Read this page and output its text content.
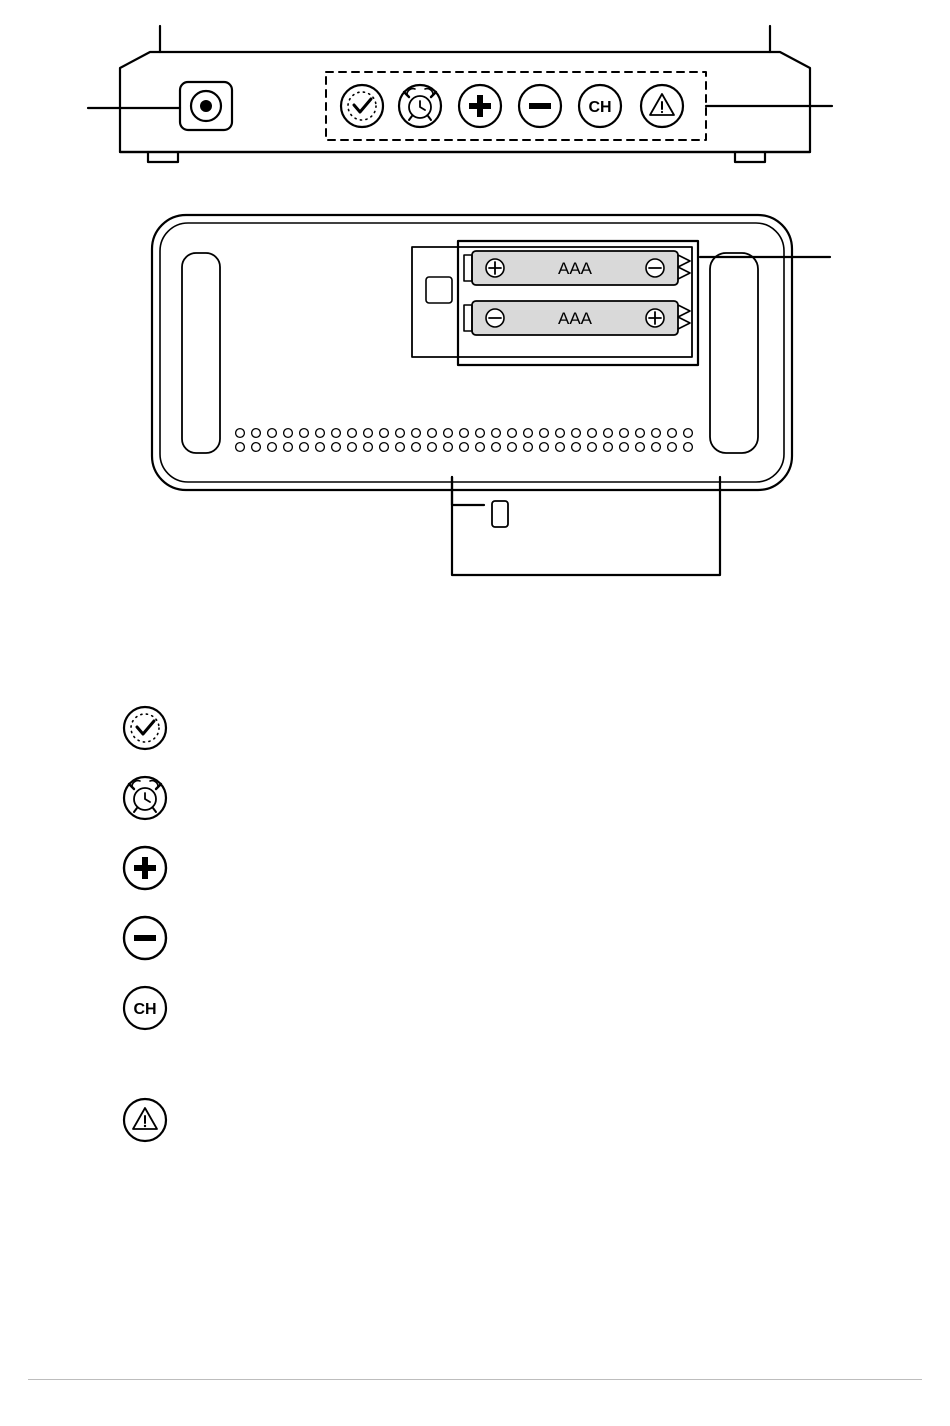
CH
AAA
AAA
CH
